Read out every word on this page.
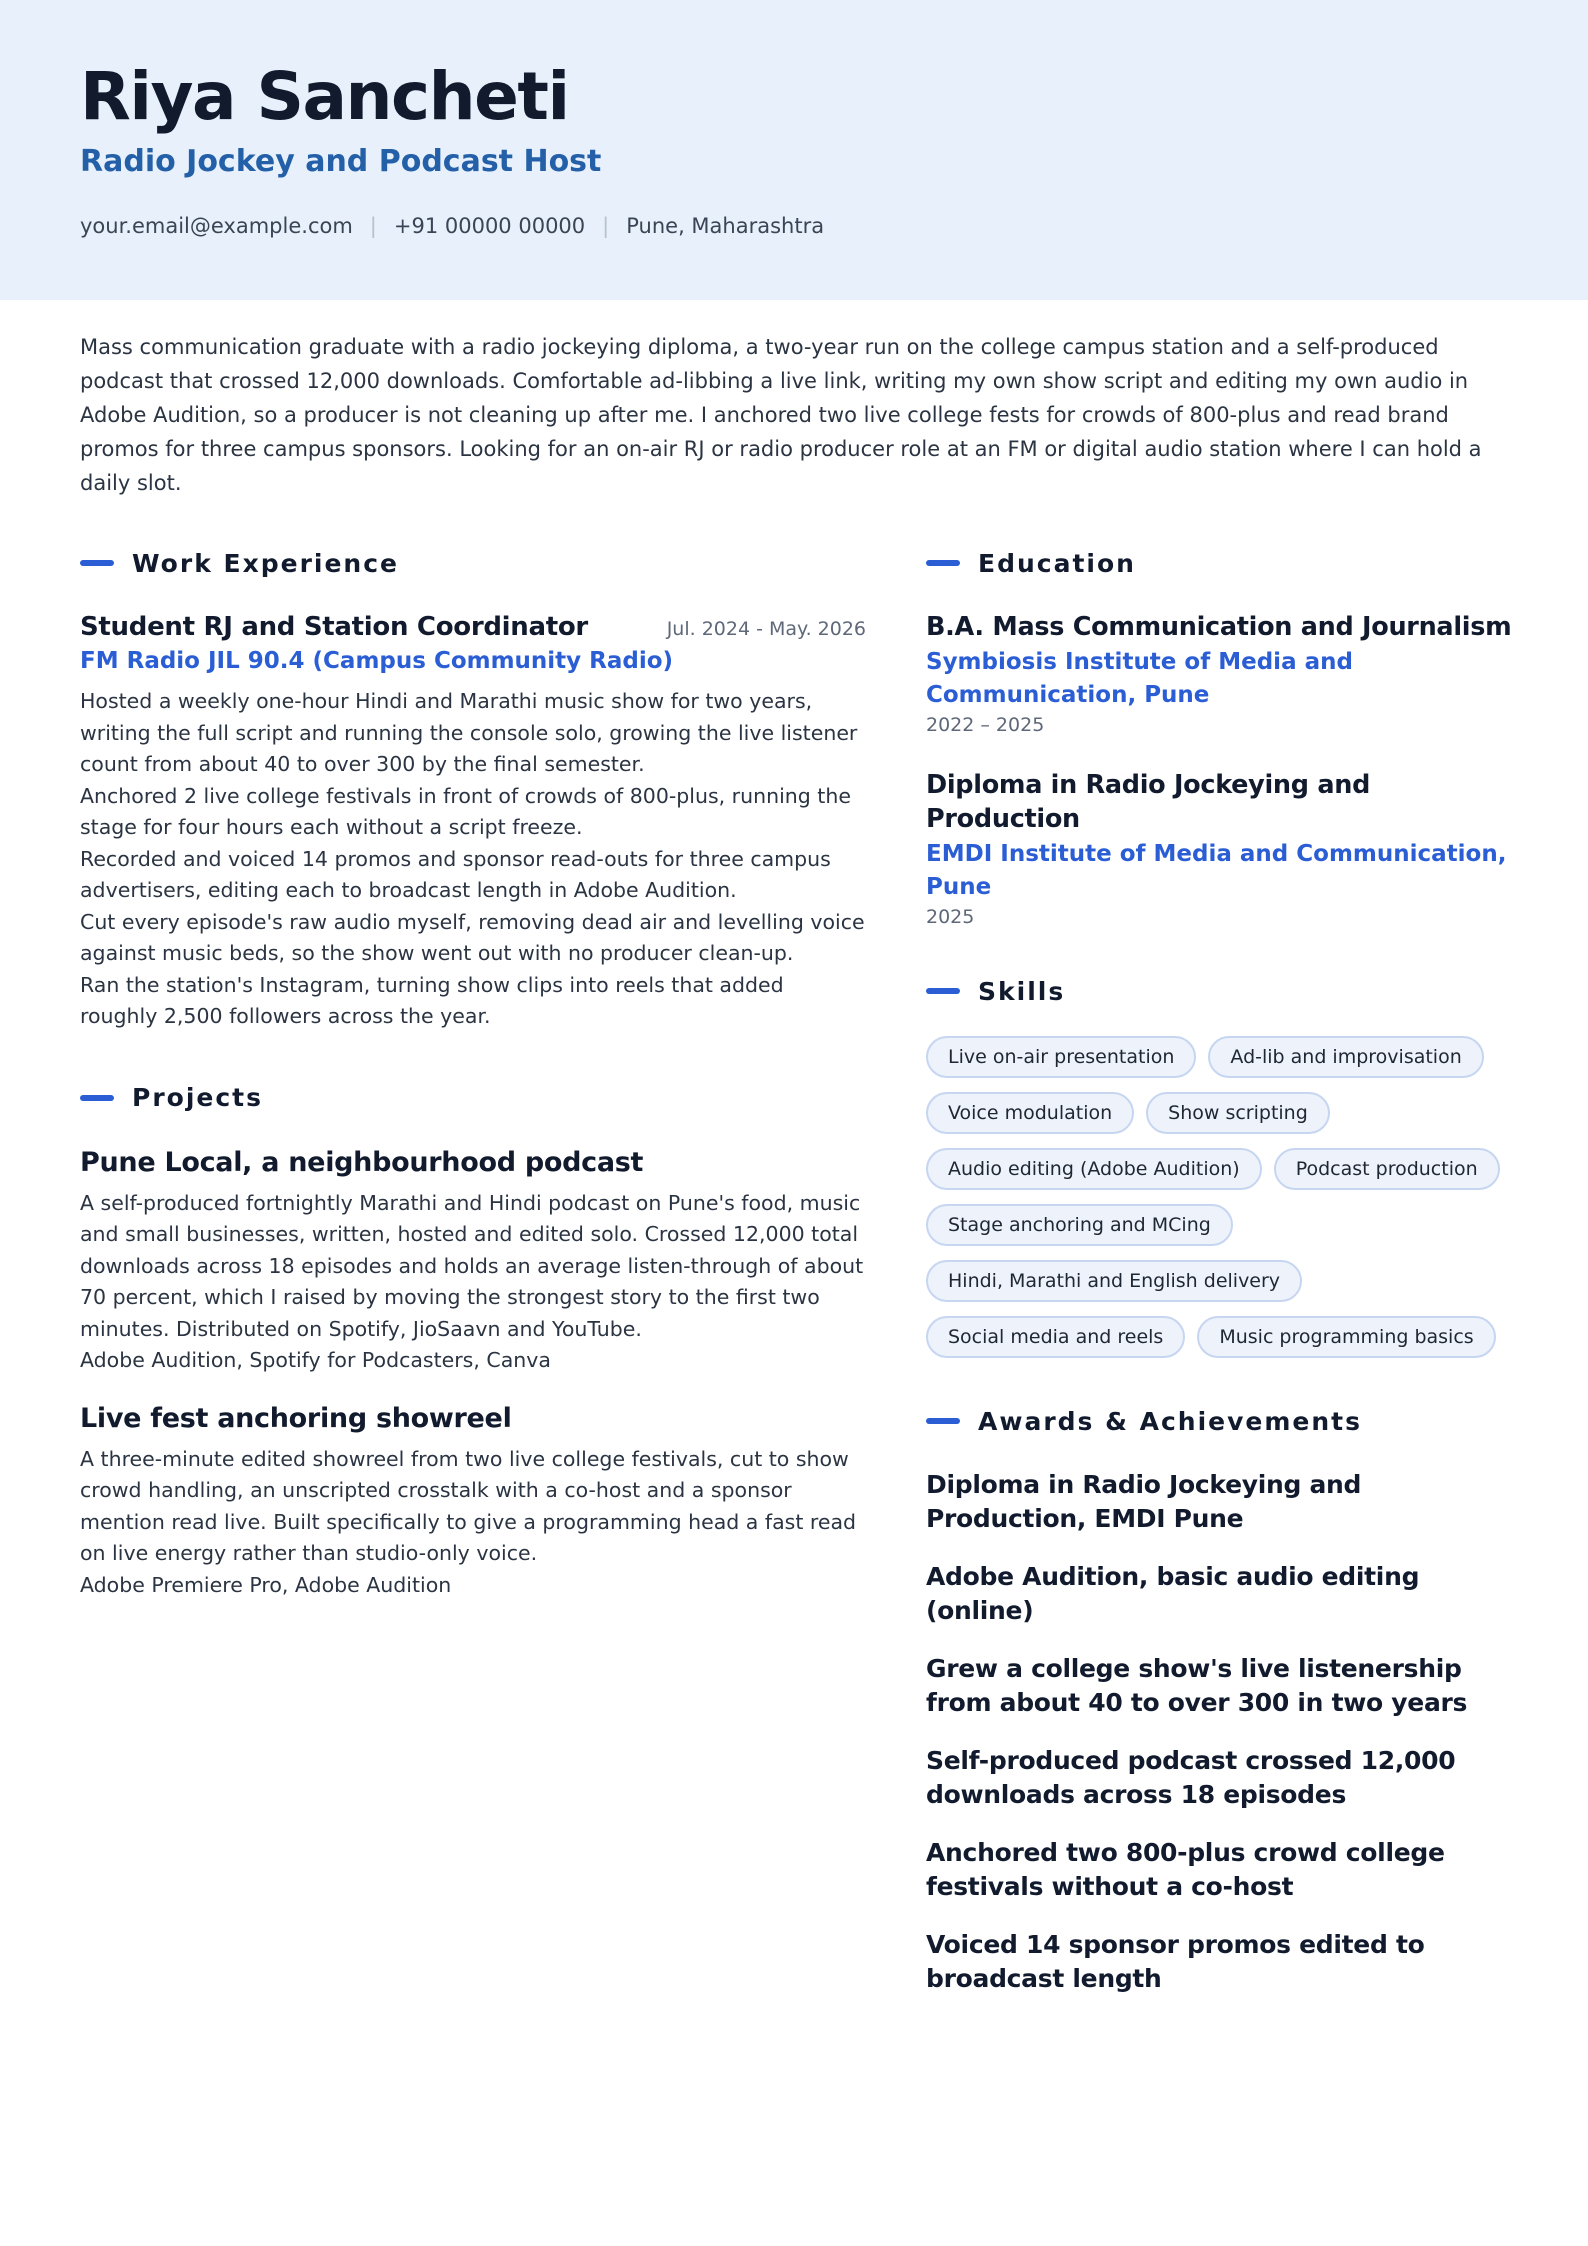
Riya Sancheti
Radio Jockey and Podcast Host
your.email@example.com | +91 00000 00000 | Pune, Maharashtra
Mass communication graduate with a radio jockeying diploma, a two-year run on the college campus station and a self-produced podcast that crossed 12,000 downloads. Comfortable ad-libbing a live link, writing my own show script and editing my own audio in Adobe Audition, so a producer is not cleaning up after me. I anchored two live college fests for crowds of 800-plus and read brand promos for three campus sponsors. Looking for an on-air RJ or radio producer role at an FM or digital audio station where I can hold a daily slot.
Work Experience
Student RJ and Station Coordinator	Jul. 2024 - May. 2026
FM Radio JIL 90.4 (Campus Community Radio)
Hosted a weekly one-hour Hindi and Marathi music show for two years, writing the full script and running the console solo, growing the live listener count from about 40 to over 300 by the final semester.
Anchored 2 live college festivals in front of crowds of 800-plus, running the stage for four hours each without a script freeze.
Recorded and voiced 14 promos and sponsor read-outs for three campus advertisers, editing each to broadcast length in Adobe Audition.
Cut every episode's raw audio myself, removing dead air and levelling voice against music beds, so the show went out with no producer clean-up.
Ran the station's Instagram, turning show clips into reels that added roughly 2,500 followers across the year.
Projects
Pune Local, a neighbourhood podcast
A self-produced fortnightly Marathi and Hindi podcast on Pune's food, music and small businesses, written, hosted and edited solo. Crossed 12,000 total downloads across 18 episodes and holds an average listen-through of about 70 percent, which I raised by moving the strongest story to the first two minutes. Distributed on Spotify, JioSaavn and YouTube.
Adobe Audition, Spotify for Podcasters, Canva
Live fest anchoring showreel
A three-minute edited showreel from two live college festivals, cut to show crowd handling, an unscripted crosstalk with a co-host and a sponsor mention read live. Built specifically to give a programming head a fast read on live energy rather than studio-only voice.
Adobe Premiere Pro, Adobe Audition
Education
B.A. Mass Communication and Journalism
Symbiosis Institute of Media and Communication, Pune
2022 – 2025
Diploma in Radio Jockeying and Production
EMDI Institute of Media and Communication, Pune
2025
Skills
Live on-air presentation	Ad-lib and improvisation
Voice modulation	Show scripting
Audio editing (Adobe Audition)	Podcast production
Stage anchoring and MCing
Hindi, Marathi and English delivery
Social media and reels	Music programming basics
Awards & Achievements
Diploma in Radio Jockeying and Production, EMDI Pune
Adobe Audition, basic audio editing (online)
Grew a college show's live listenership from about 40 to over 300 in two years
Self-produced podcast crossed 12,000 downloads across 18 episodes
Anchored two 800-plus crowd college festivals without a co-host
Voiced 14 sponsor promos edited to broadcast length
